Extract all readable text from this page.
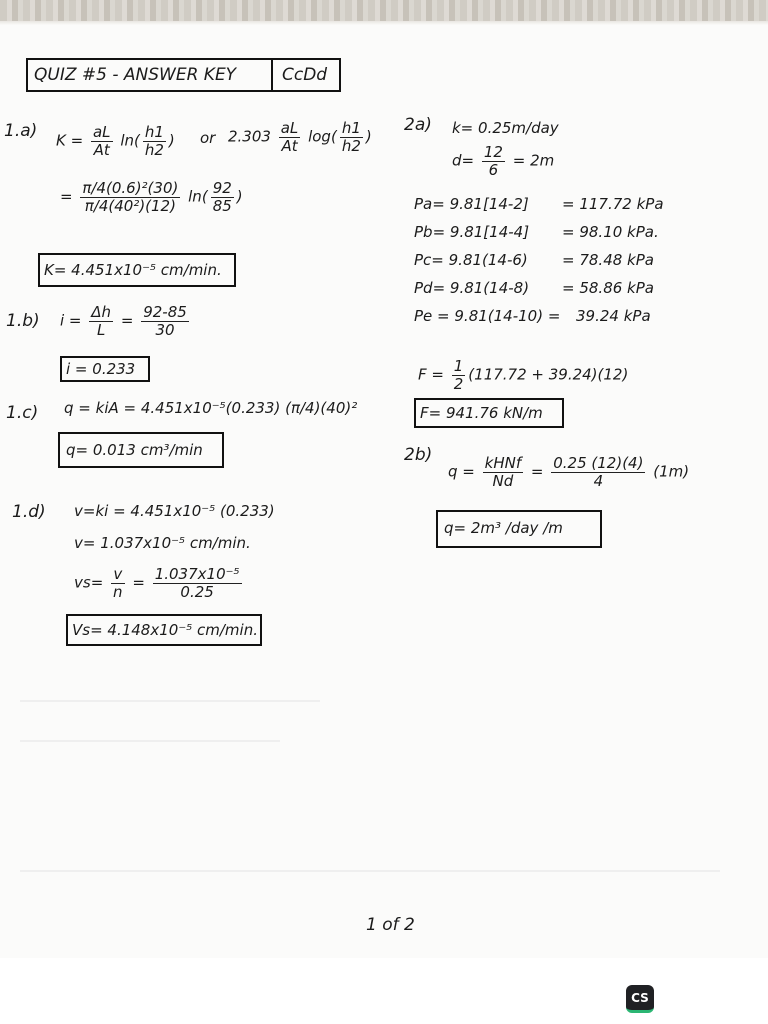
QUIZ #5 - ANSWER KEY	CcDd
1.a) $K = \frac{aL}{At} \ln( \frac{h1}{h2}$ ) or $2.303 \frac{aL}{At} \log( \frac{h1}{h2}$ )
= $\frac{\text{π/4(0.6)²(30)}}{\text{π/4(40²)(12)}} \ln( \frac{92}{85}$ )
K= 4.451x10⁻⁵ cm/min.
1.b) $i = \frac{\Delta h}{L} = \frac{92-85}{30}$
i = 0.233
1.c) q = kiA = 4.451x10⁻⁵(0.233) (π/4)(40)²
q= 0.013 cm³/min
1.d) v=ki = 4.451x10⁻⁵ (0.233)
v= 1.037x10⁻⁵ cm/min.
$vs= \frac{v}{n} = \frac{\text{1.037x10⁻⁵}}{0.25}$
Vs= 4.148x10⁻⁵ cm/min.
2a) k= 0.25m/day
$d= \frac{12}{6} = 2m$
Pa= 9.81[14-2] = 117.72 kPa
Pb= 9.81[14-4] = 98.10 kPa.
Pc= 9.81(14-6) = 78.48 kPa
Pd= 9.81(14-8) = 58.86 kPa
Pe = 9.81(14-10) = 39.24 kPa
$F = \frac{1}{2} (117.72 + 39.24)(12)$
F= 941.76 kN/m
2b)
$q = \frac{\text{kHNf}}{Nd} = \frac{0.25 (12)(4)}{4} (1m)$
q= 2m³ /day /m
1 of 2
CS
